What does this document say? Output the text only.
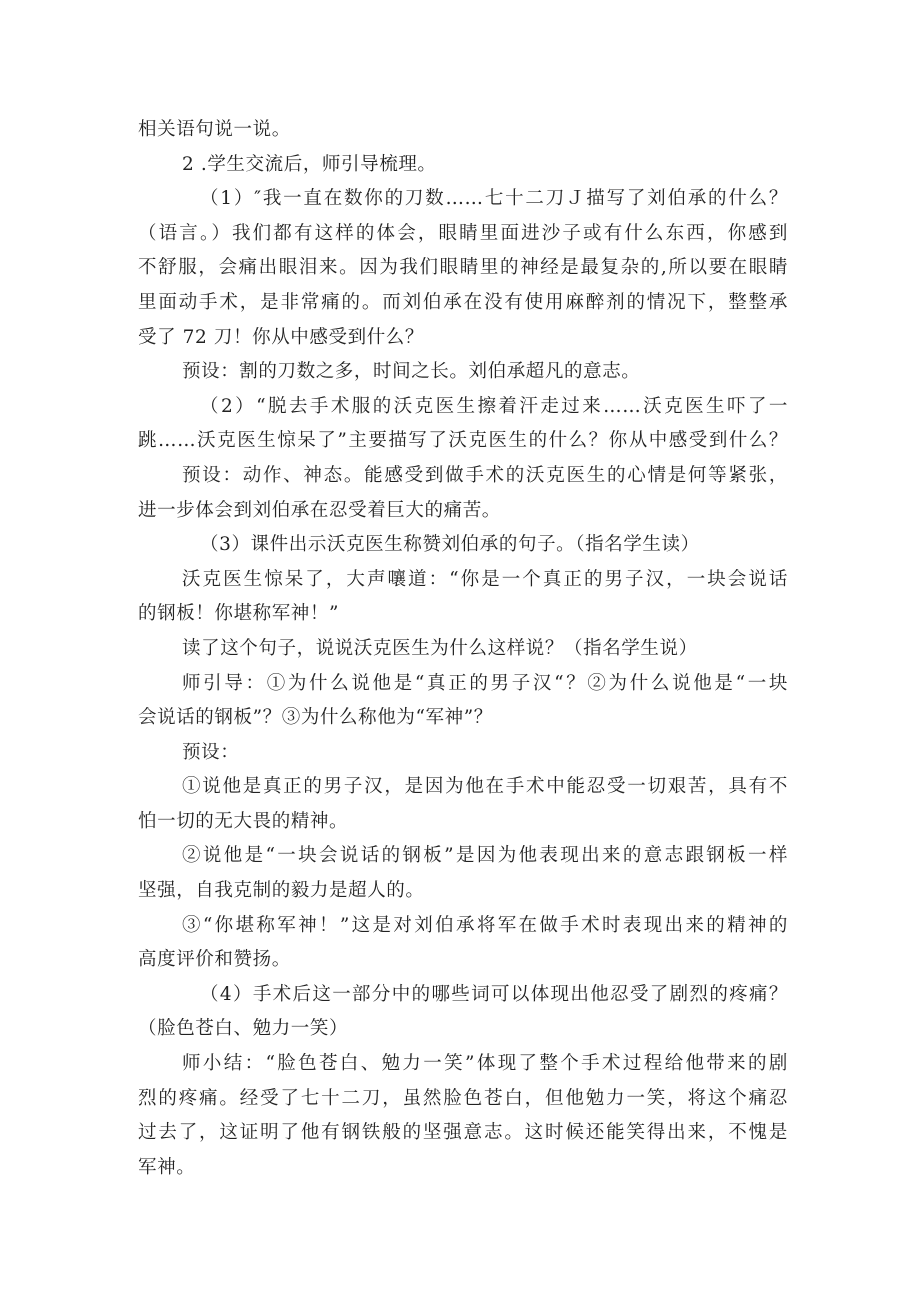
相关语句说一说。
2 .学生交流后，师引导梳理。
（1）″我一直在数你的刀数……七十二刀Ｊ描写了刘伯承的什么？
（语言。）我们都有这样的体会，眼睛里面进沙子或有什么东西，你感到
不舒服，会痛出眼泪来。因为我们眼睛里的神经是最复杂的,所以要在眼睛
里面动手术，是非常痛的。而刘伯承在没有使用麻醉剂的情况下，整整承
受了 72 刀！你从中感受到什么？
预设：割的刀数之多，时间之长。刘伯承超凡的意志。
（2）“脱去手术服的沃克医生擦着汗走过来……沃克医生吓了一
跳……沃克医生惊呆了”主要描写了沃克医生的什么？你从中感受到什么？
预设：动作、神态。能感受到做手术的沃克医生的心情是何等紧张，
进一步体会到刘伯承在忍受着巨大的痛苦。
（3）课件出示沃克医生称赞刘伯承的句子。（指名学生读）
沃克医生惊呆了，大声嚷道：“你是一个真正的男子汉，一块会说话
的钢板！你堪称军神！”
读了这个句子，说说沃克医生为什么这样说？（指名学生说）
师引导：①为什么说他是“真正的男子汉“？②为什么说他是“一块
会说话的钢板”？③为什么称他为“军神”？
预设：
①说他是真正的男子汉，是因为他在手术中能忍受一切艰苦，具有不
怕一切的无大畏的精神。
②说他是“一块会说话的钢板”是因为他表现出来的意志跟钢板一样
坚强，自我克制的毅力是超人的。
③“你堪称军神！”这是对刘伯承将军在做手术时表现出来的精神的
高度评价和赞扬。
（4）手术后这一部分中的哪些词可以体现出他忍受了剧烈的疼痛？
（脸色苍白、勉力一笑）
师小结：“脸色苍白、勉力一笑”体现了整个手术过程给他带来的剧
烈的疼痛。经受了七十二刀，虽然脸色苍白，但他勉力一笑，将这个痛忍
过去了，这证明了他有钢铁般的坚强意志。这时候还能笑得出来，不愧是
军神。
